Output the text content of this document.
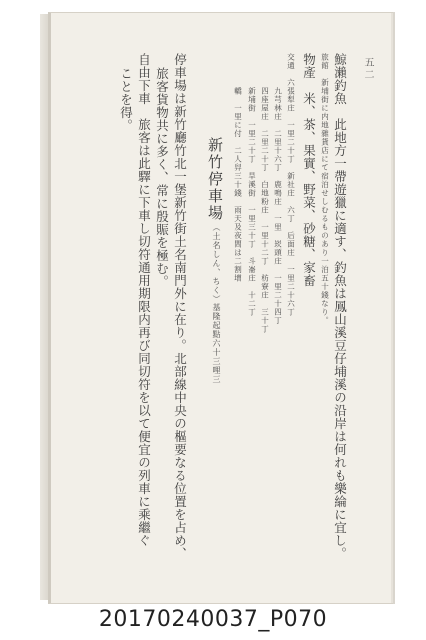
五二
鯨瀨釣魚　此地方一帶遊獵に適す、釣魚は鳳山溪豆仔埔溪の沿岸は何れも樂綸に宜し。
旅館　新埔街に内地雜貨店にて宿泊せしむるものあり一泊五十錢なり。
物產　米、茶、果實、野菜、砂糖、家畜
交通　六張犁庄　一里二十丁　新社庄　六丁　后面庄　一里二十六丁
九芎林庄　二里十六丁　鹿鳴庄　一里　崁頭庄　一里二十四丁
四座屋庄　二里二十丁　白地粉庄　一里十二丁　枋寮庄　三十丁
新埔街　一里二十丁　旱溪街　一里三十丁　斗崙庄　十二丁
轎　一里に付　二人舁三十錢　雨天及夜間は二割增
新竹停車場
（土名しん、ちく）
基隆起點六十三哩三
停車場は新竹廳竹北一堡新竹街土名南門外に在り。北部線中央の樞要なる位置を占め、
旅客貨物共に多く、常に殷賑を極む。
自由下車　旅客は此驛に下車し切符通用期限内再び同切符を以て便宜の列車に乘繼ぐ
ことを得。
20170240037_P070
